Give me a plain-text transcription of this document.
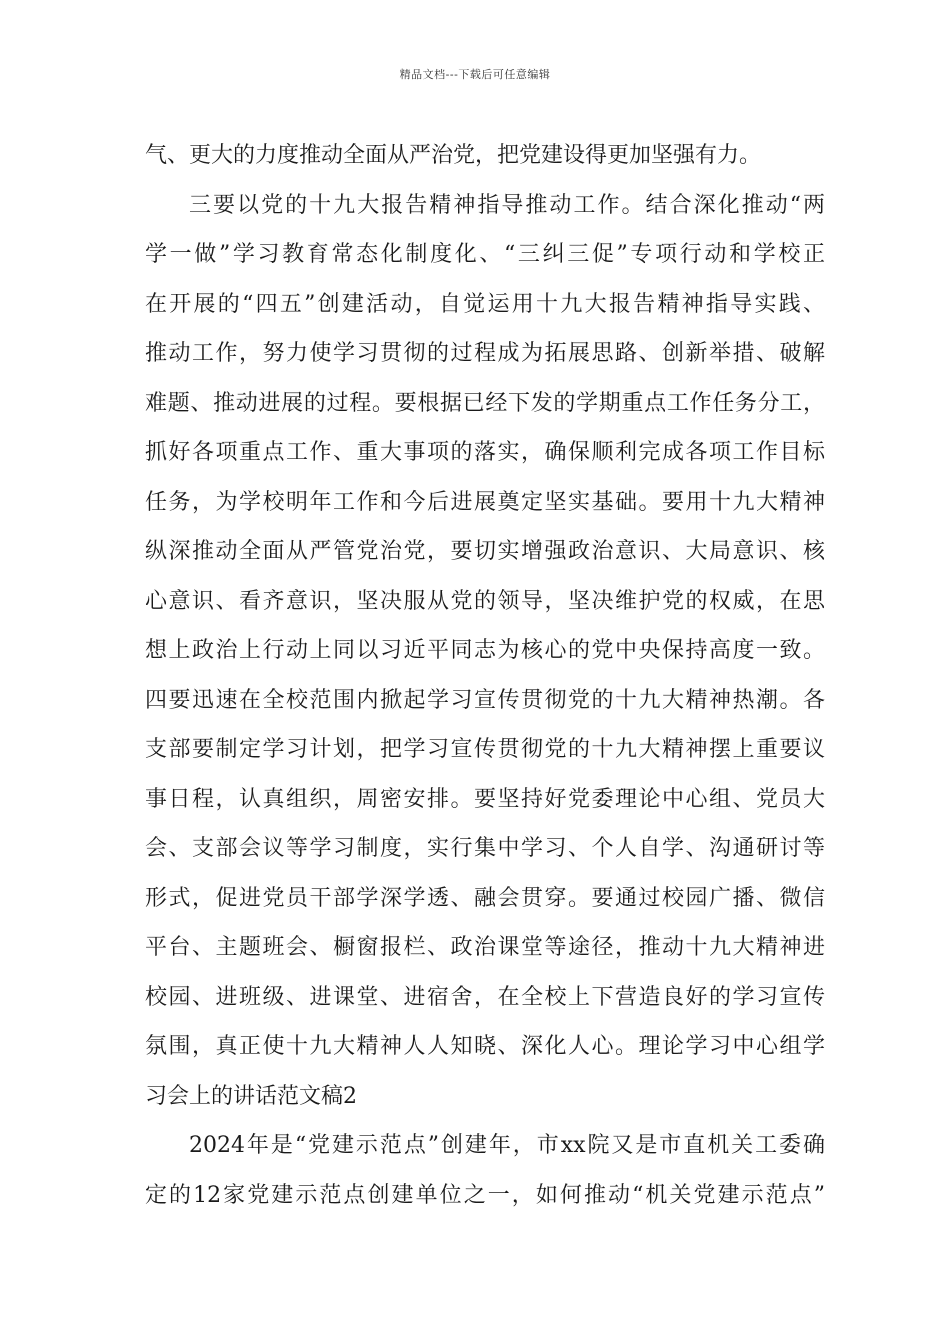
精品文档---下载后可任意编辑
气、更大的力度推动全面从严治党，把党建设得更加坚强有力。
三要以党的十九大报告精神指导推动工作。结合深化推动“两
学一做”学习教育常态化制度化、“三纠三促”专项行动和学校正
在开展的“四五”创建活动，自觉运用十九大报告精神指导实践、
推动工作，努力使学习贯彻的过程成为拓展思路、创新举措、破解
难题、推动进展的过程。要根据已经下发的学期重点工作任务分工，
抓好各项重点工作、重大事项的落实，确保顺利完成各项工作目标
任务，为学校明年工作和今后进展奠定坚实基础。要用十九大精神
纵深推动全面从严管党治党，要切实增强政治意识、大局意识、核
心意识、看齐意识，坚决服从党的领导，坚决维护党的权威，在思
想上政治上行动上同以习近平同志为核心的党中央保持高度一致。
四要迅速在全校范围内掀起学习宣传贯彻党的十九大精神热潮。各
支部要制定学习计划，把学习宣传贯彻党的十九大精神摆上重要议
事日程，认真组织，周密安排。要坚持好党委理论中心组、党员大
会、支部会议等学习制度，实行集中学习、个人自学、沟通研讨等
形式，促进党员干部学深学透、融会贯穿。要通过校园广播、微信
平台、主题班会、橱窗报栏、政治课堂等途径，推动十九大精神进
校园、进班级、进课堂、进宿舍，在全校上下营造良好的学习宣传
氛围，真正使十九大精神人人知晓、深化人心。理论学习中心组学
习会上的讲话范文稿2
2024年是“党建示范点”创建年，市xx院又是市直机关工委确
定的12家党建示范点创建单位之一，如何推动“机关党建示范点”
